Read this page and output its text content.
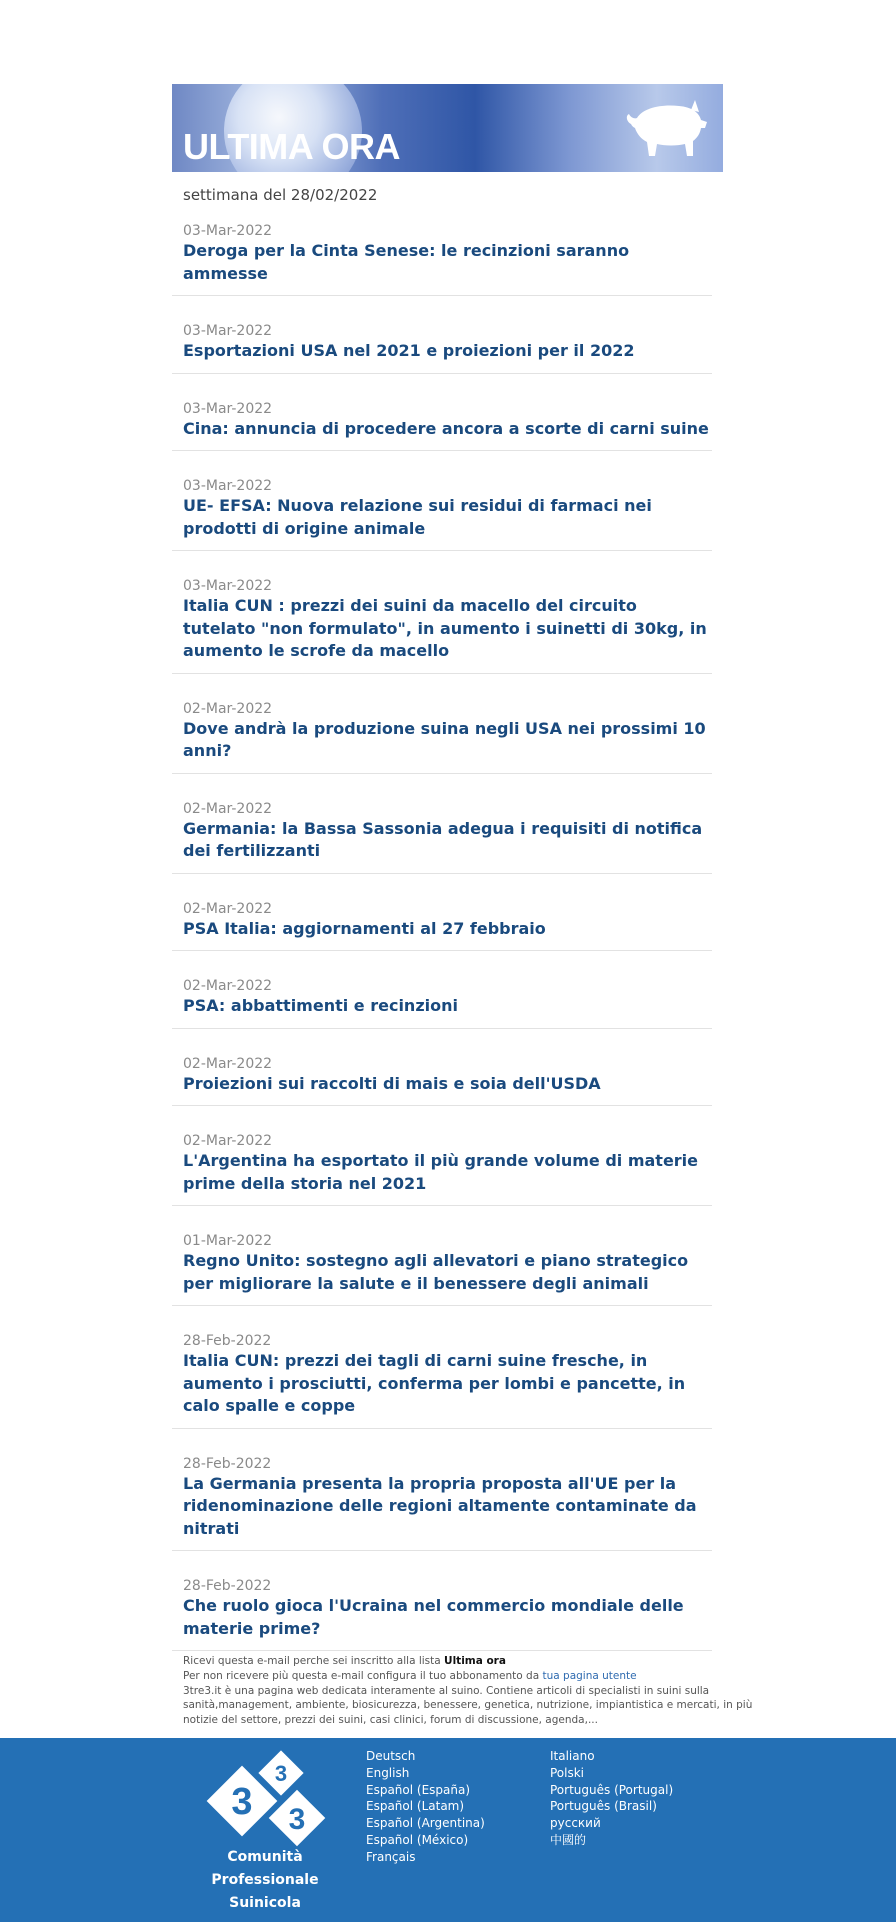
ULTIMA ORA
settimana del 28/02/2022
03-Mar-2022
Deroga per la Cinta Senese: le recinzioni saranno ammesse
03-Mar-2022
Esportazioni USA nel 2021 e proiezioni per il 2022
03-Mar-2022
Cina: annuncia di procedere ancora a scorte di carni suine
03-Mar-2022
UE- EFSA: Nuova relazione sui residui di farmaci nei prodotti di origine animale
03-Mar-2022
Italia CUN : prezzi dei suini da macello del circuito tutelato "non formulato", in aumento i suinetti di 30kg, in aumento le scrofe da macello
02-Mar-2022
Dove andrà la produzione suina negli USA nei prossimi 10 anni?
02-Mar-2022
Germania: la Bassa Sassonia adegua i requisiti di notifica dei fertilizzanti
02-Mar-2022
PSA Italia: aggiornamenti al 27 febbraio
02-Mar-2022
PSA: abbattimenti e recinzioni
02-Mar-2022
Proiezioni sui raccolti di mais e soia dell'USDA
02-Mar-2022
L'Argentina ha esportato il più grande volume di materie prime della storia nel 2021
01-Mar-2022
Regno Unito: sostegno agli allevatori e piano strategico per migliorare la salute e il benessere degli animali
28-Feb-2022
Italia CUN: prezzi dei tagli di carni suine fresche, in aumento i prosciutti, conferma per lombi e pancette, in calo spalle e coppe
28-Feb-2022
La Germania presenta la propria proposta all'UE per la ridenominazione delle regioni altamente contaminate da nitrati
28-Feb-2022
Che ruolo gioca l'Ucraina nel commercio mondiale delle materie prime?
Ricevi questa e-mail perche sei inscritto alla lista Ultima ora
Per non ricevere più questa e-mail configura il tuo abbonamento da tua pagina utente
3tre3.it è una pagina web dedicata interamente al suino. Contiene articoli di specialisti in suini sulla sanità,management, ambiente, biosicurezza, benessere, genetica, nutrizione, impiantistica e mercati, in più notizie del settore, prezzi dei suini, casi clinici, forum di discussione, agenda,...
3
3
3
Comunità
Professionale
Suinicola
Deutsch
English
Español (España)
Español (Latam)
Español (Argentina)
Español (México)
Français
Italiano
Polski
Português (Portugal)
Português (Brasil)
русский
中國的
